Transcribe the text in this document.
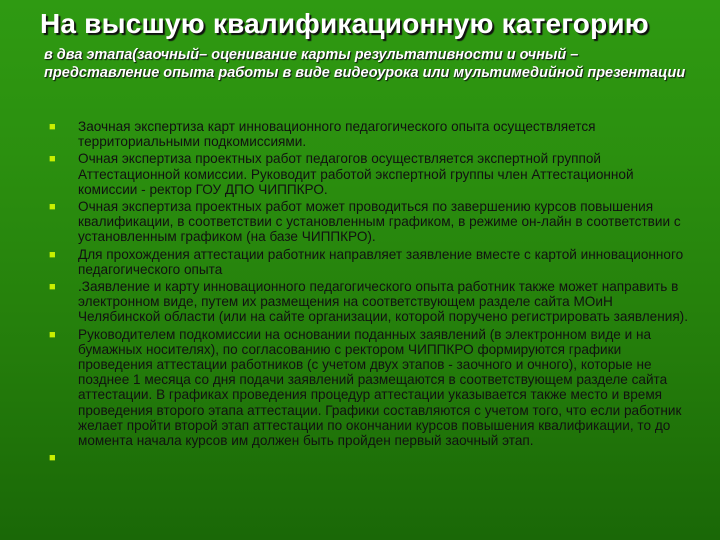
На высшую квалификационную категорию

в два этапа(заочный– оценивание карты результативности и очный – представление опыта работы в виде видеоурока или мультимедийной презентации

■ Заочная экспертиза карт инновационного педагогического опыта осуществляется территориальными подкомиссиями.
■ Очная экспертиза проектных работ педагогов осуществляется экспертной группой Аттестационной комиссии. Руководит работой экспертной группы член Аттестационной комиссии - ректор ГОУ ДПО ЧИППКРО.
■ Очная экспертиза проектных работ может проводиться по завершению курсов повышения квалификации, в соответствии с установленным графиком, в режиме он-лайн в соответствии с установленным графиком (на базе ЧИППКРО).
■ Для прохождения аттестации работник направляет заявление вместе с картой инновационного педагогического опыта
■ .Заявление и карту инновационного педагогического опыта работник также может направить в электронном виде, путем их размещения на соответствующем разделе сайта МОиН Челябинской области (или на сайте организации, которой поручено регистрировать заявления).
■ Руководителем подкомиссии на основании поданных заявлений (в электронном виде и на бумажных носителях), по согласованию с ректором ЧИППКРО формируются графики проведения аттестации работников (с учетом двух этапов - заочного и очного), которые не позднее 1 месяца со дня подачи заявлений размещаются в соответствующем разделе сайта аттестации. В графиках проведения процедур аттестации указывается также место и время проведения второго этапа аттестации. Графики составляются с учетом того, что если работник желает пройти второй этап аттестации по окончании курсов повышения квалификации, то до момента начала курсов им должен быть пройден первый заочный этап.
■
